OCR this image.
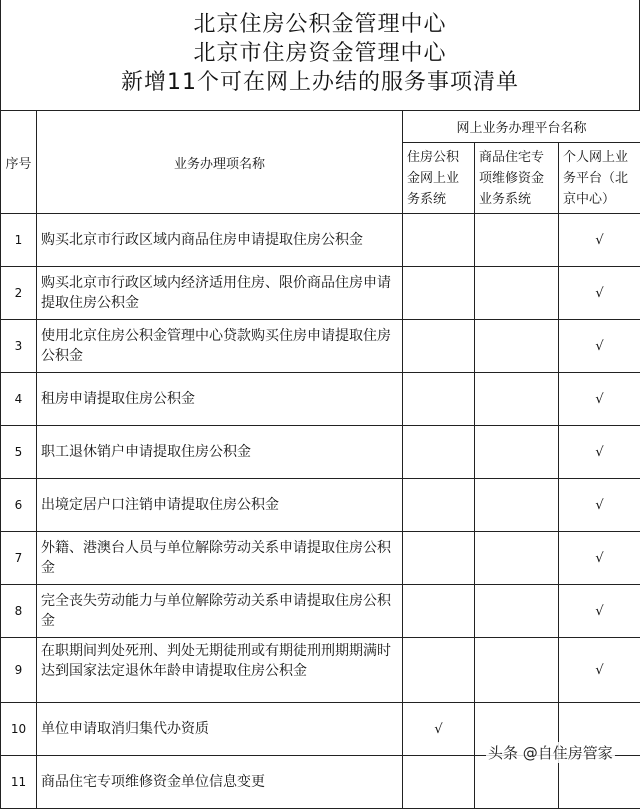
北京住房公积金管理中心
北京市住房资金管理中心
新增11个可在网上办结的服务事项清单
序号	业务办理项名称	网上业务办理平台名称		
		住房公积金网上业务系统	商品住宅专项维修资金业务系统	个人网上业务平台（北京中心）
1	购买北京市行政区域内商品住房申请提取住房公积金			√
2	购买北京市行政区域内经济适用住房、限价商品住房申请提取住房公积金			√
3	使用北京住房公积金管理中心贷款购买住房申请提取住房公积金			√
4	租房申请提取住房公积金			√
5	职工退休销户申请提取住房公积金			√
6	出境定居户口注销申请提取住房公积金			√
7	外籍、港澳台人员与单位解除劳动关系申请提取住房公积金			√
8	完全丧失劳动能力与单位解除劳动关系申请提取住房公积金			√
9	在职期间判处死刑、判处无期徒刑或有期徒刑刑期期满时达到国家法定退休年龄申请提取住房公积金			√
10	单位申请取消归集代办资质	√		
11	商品住宅专项维修资金单位信息变更			
头条 @自住房管家
